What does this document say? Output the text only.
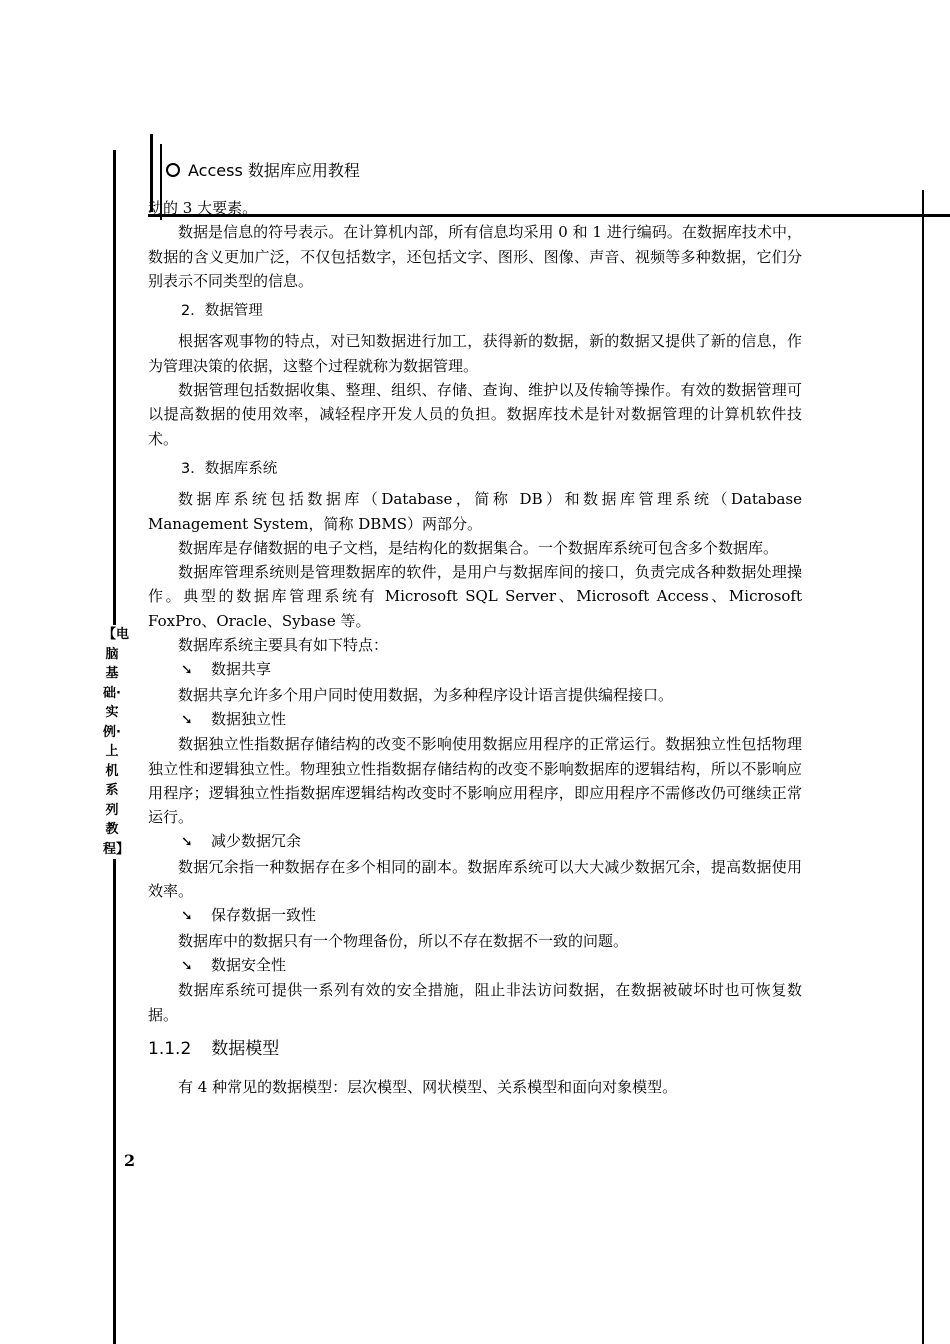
Access 数据库应用教程
【电脑基础·实例·上机系列教程】

动的 3 大要素。

数据是信息的符号表示。在计算机内部，所有信息均采用 0 和 1 进行编码。在数据库技术中，数据的含义更加广泛，不仅包括数字，还包括文字、图形、图像、声音、视频等多种数据，它们分别表示不同类型的信息。

2．数据管理

根据客观事物的特点，对已知数据进行加工，获得新的数据，新的数据又提供了新的信息，作为管理决策的依据，这整个过程就称为数据管理。

数据管理包括数据收集、整理、组织、存储、查询、维护以及传输等操作。有效的数据管理可以提高数据的使用效率，减轻程序开发人员的负担。数据库技术是针对数据管理的计算机软件技术。

3．数据库系统

数据库系统包括数据库（Database，简称 DB）和数据库管理系统（Database Management System，简称 DBMS）两部分。

数据库是存储数据的电子文档，是结构化的数据集合。一个数据库系统可包含多个数据库。

数据库管理系统则是管理数据库的软件，是用户与数据库间的接口，负责完成各种数据处理操作。典型的数据库管理系统有 Microsoft SQL Server、Microsoft Access、Microsoft FoxPro、Oracle、Sybase 等。

数据库系统主要具有如下特点：

➘ 数据共享

数据共享允许多个用户同时使用数据，为多种程序设计语言提供编程接口。

➘ 数据独立性

数据独立性指数据存储结构的改变不影响使用数据应用程序的正常运行。数据独立性包括物理独立性和逻辑独立性。物理独立性指数据存储结构的改变不影响数据库的逻辑结构，所以不影响应用程序；逻辑独立性指数据库逻辑结构改变时不影响应用程序，即应用程序不需修改仍可继续正常运行。

➘ 减少数据冗余

数据冗余指一种数据存在多个相同的副本。数据库系统可以大大减少数据冗余，提高数据使用效率。

➘ 保存数据一致性

数据库中的数据只有一个物理备份，所以不存在数据不一致的问题。

➘ 数据安全性

数据库系统可提供一系列有效的安全措施，阻止非法访问数据，在数据被破坏时也可恢复数据。

1.1.2 数据模型

有 4 种常见的数据模型：层次模型、网状模型、关系模型和面向对象模型。

2
